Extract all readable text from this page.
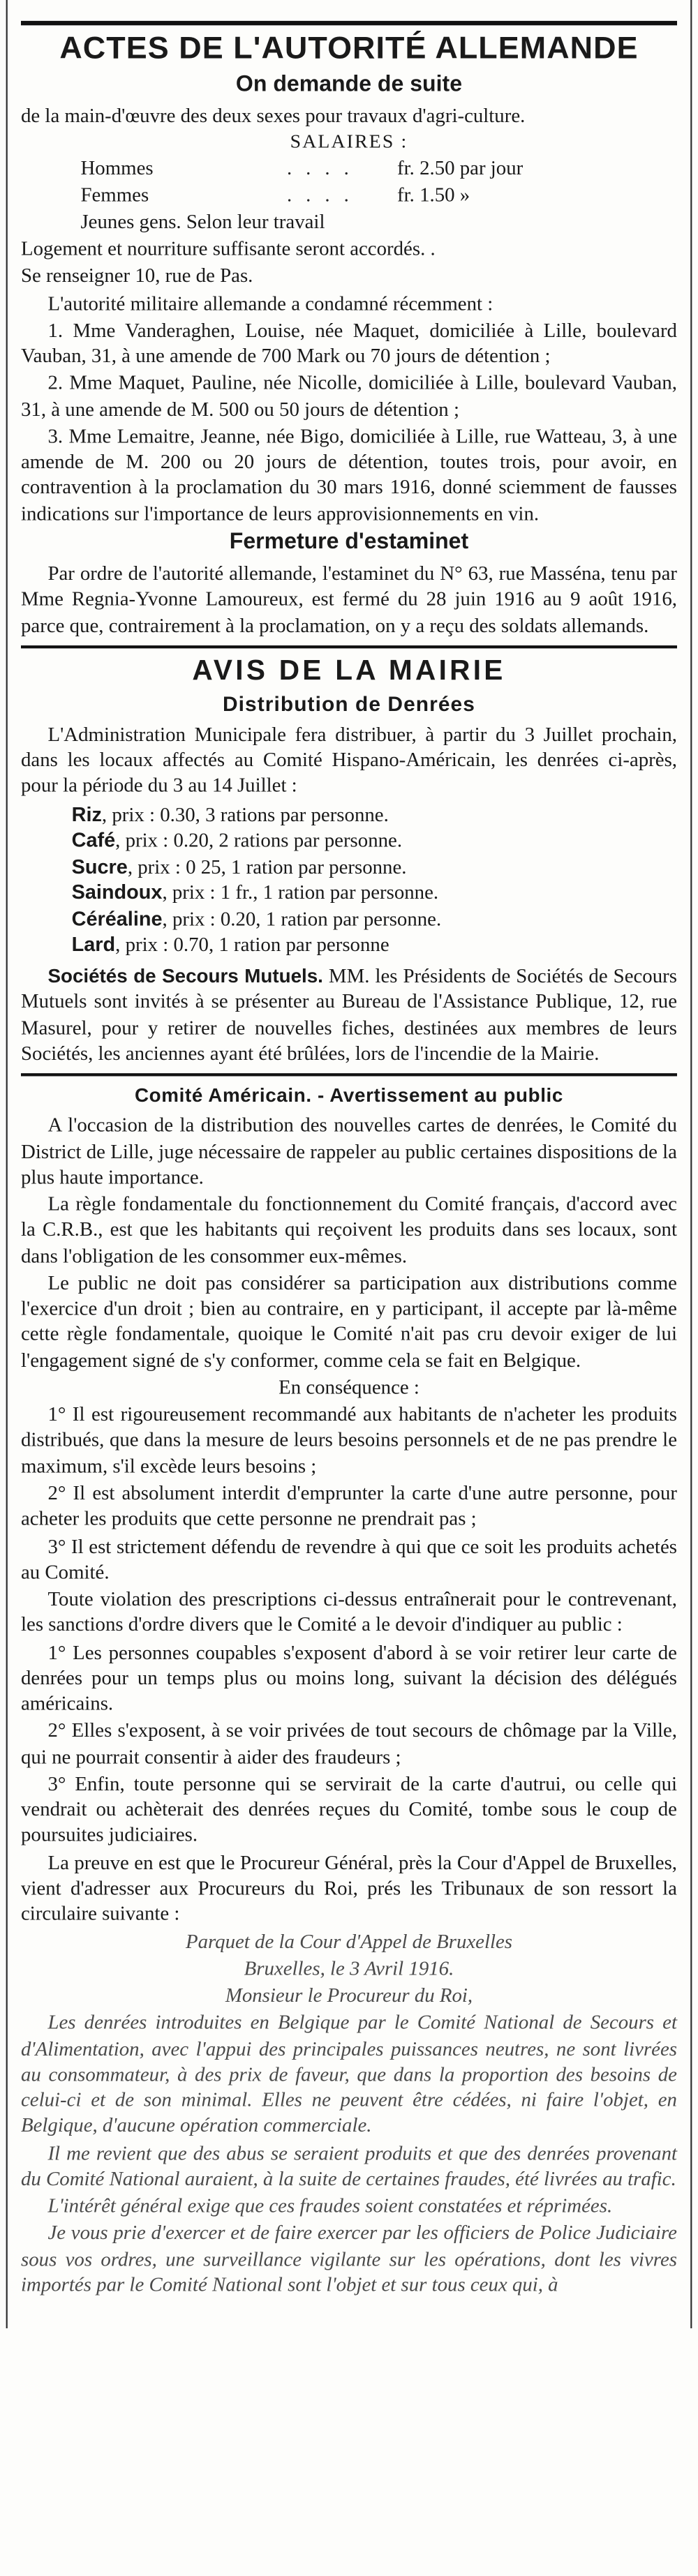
ACTES DE L'AUTORITÉ ALLEMANDE
On demande de suite

de la main-d'œuvre des deux sexes pour travaux d'agri-culture.

SALAIRES :
Hommes	. . . .	fr. 2.50 par jour
Femmes	. . . .	fr. 1.50 »
Jeunes gens. Selon leur travail		

Logement et nourriture suffisante seront accordés. .

Se renseigner 10, rue de Pas.

L'autorité militaire allemande a condamné récemment :

1. Mme Vanderaghen, Louise, née Maquet, domiciliée à Lille, boulevard Vauban, 31, à une amende de 700 Mark ou 70 jours de détention ;

2. Mme Maquet, Pauline, née Nicolle, domiciliée à Lille, boulevard Vauban, 31, à une amende de M. 500 ou 50 jours de détention ;

3. Mme Lemaitre, Jeanne, née Bigo, domiciliée à Lille, rue Watteau, 3, à une amende de M. 200 ou 20 jours de détention, toutes trois, pour avoir, en contravention à la proclamation du 30 mars 1916, donné sciemment de fausses indications sur l'importance de leurs approvisionnements en vin.

Fermeture d'estaminet

Par ordre de l'autorité allemande, l'estaminet du N° 63, rue Masséna, tenu par Mme Regnia-Yvonne Lamoureux, est fermé du 28 juin 1916 au 9 août 1916, parce que, contrairement à la proclamation, on y a reçu des soldats allemands.

AVIS DE LA MAIRIE
Distribution de Denrées

L'Administration Municipale fera distribuer, à partir du 3 Juillet prochain, dans les locaux affectés au Comité Hispano-Américain, les denrées ci-après, pour la période du 3 au 14 Juillet :

Riz, prix : 0.30, 3 rations par personne.
Café, prix : 0.20, 2 rations par personne.
Sucre, prix : 0 25, 1 ration par personne.
Saindoux, prix : 1 fr., 1 ration par personne.
Céréaline, prix : 0.20, 1 ration par personne.
Lard, prix : 0.70, 1 ration par personne

Sociétés de Secours Mutuels. MM. les Présidents de Sociétés de Secours Mutuels sont invités à se présenter au Bureau de l'Assistance Publique, 12, rue Masurel, pour y retirer de nouvelles fiches, destinées aux membres de leurs Sociétés, les anciennes ayant été brûlées, lors de l'incendie de la Mairie.

Comité Américain. - Avertissement au public

A l'occasion de la distribution des nouvelles cartes de denrées, le Comité du District de Lille, juge nécessaire de rappeler au public certaines dispositions de la plus haute importance.

La règle fondamentale du fonctionnement du Comité français, d'accord avec la C.R.B., est que les habitants qui reçoivent les produits dans ses locaux, sont dans l'obligation de les consommer eux-mêmes.

Le public ne doit pas considérer sa participation aux distributions comme l'exercice d'un droit ; bien au contraire, en y participant, il accepte par là-même cette règle fondamentale, quoique le Comité n'ait pas cru devoir exiger de lui l'engagement signé de s'y conformer, comme cela se fait en Belgique.

En conséquence :

1° Il est rigoureusement recommandé aux habitants de n'acheter les produits distribués, que dans la mesure de leurs besoins personnels et de ne pas prendre le maximum, s'il excède leurs besoins ;

2° Il est absolument interdit d'emprunter la carte d'une autre personne, pour acheter les produits que cette personne ne prendrait pas ;

3° Il est strictement défendu de revendre à qui que ce soit les produits achetés au Comité.

Toute violation des prescriptions ci-dessus entraînerait pour le contrevenant, les sanctions d'ordre divers que le Comité a le devoir d'indiquer au public :

1° Les personnes coupables s'exposent d'abord à se voir retirer leur carte de denrées pour un temps plus ou moins long, suivant la décision des délégués américains.

2° Elles s'exposent, à se voir privées de tout secours de chômage par la Ville, qui ne pourrait consentir à aider des fraudeurs ;

3° Enfin, toute personne qui se servirait de la carte d'autrui, ou celle qui vendrait ou achèterait des denrées reçues du Comité, tombe sous le coup de poursuites judiciaires.

La preuve en est que le Procureur Général, près la Cour d'Appel de Bruxelles, vient d'adresser aux Procureurs du Roi, prés les Tribunaux de son ressort la circulaire suivante :

Parquet de la Cour d'Appel de Bruxelles

Bruxelles, le 3 Avril 1916.

Monsieur le Procureur du Roi,

Les denrées introduites en Belgique par le Comité National de Secours et d'Alimentation, avec l'appui des principales puissances neutres, ne sont livrées au consommateur, à des prix de faveur, que dans la proportion des besoins de celui-ci et de son minimal. Elles ne peuvent être cédées, ni faire l'objet, en Belgique, d'aucune opération commerciale.

Il me revient que des abus se seraient produits et que des denrées provenant du Comité National auraient, à la suite de certaines fraudes, été livrées au trafic.

L'intérêt général exige que ces fraudes soient constatées et réprimées.

Je vous prie d'exercer et de faire exercer par les officiers de Police Judiciaire sous vos ordres, une surveillance vigilante sur les opérations, dont les vivres importés par le Comité National sont l'objet et sur tous ceux qui, à
